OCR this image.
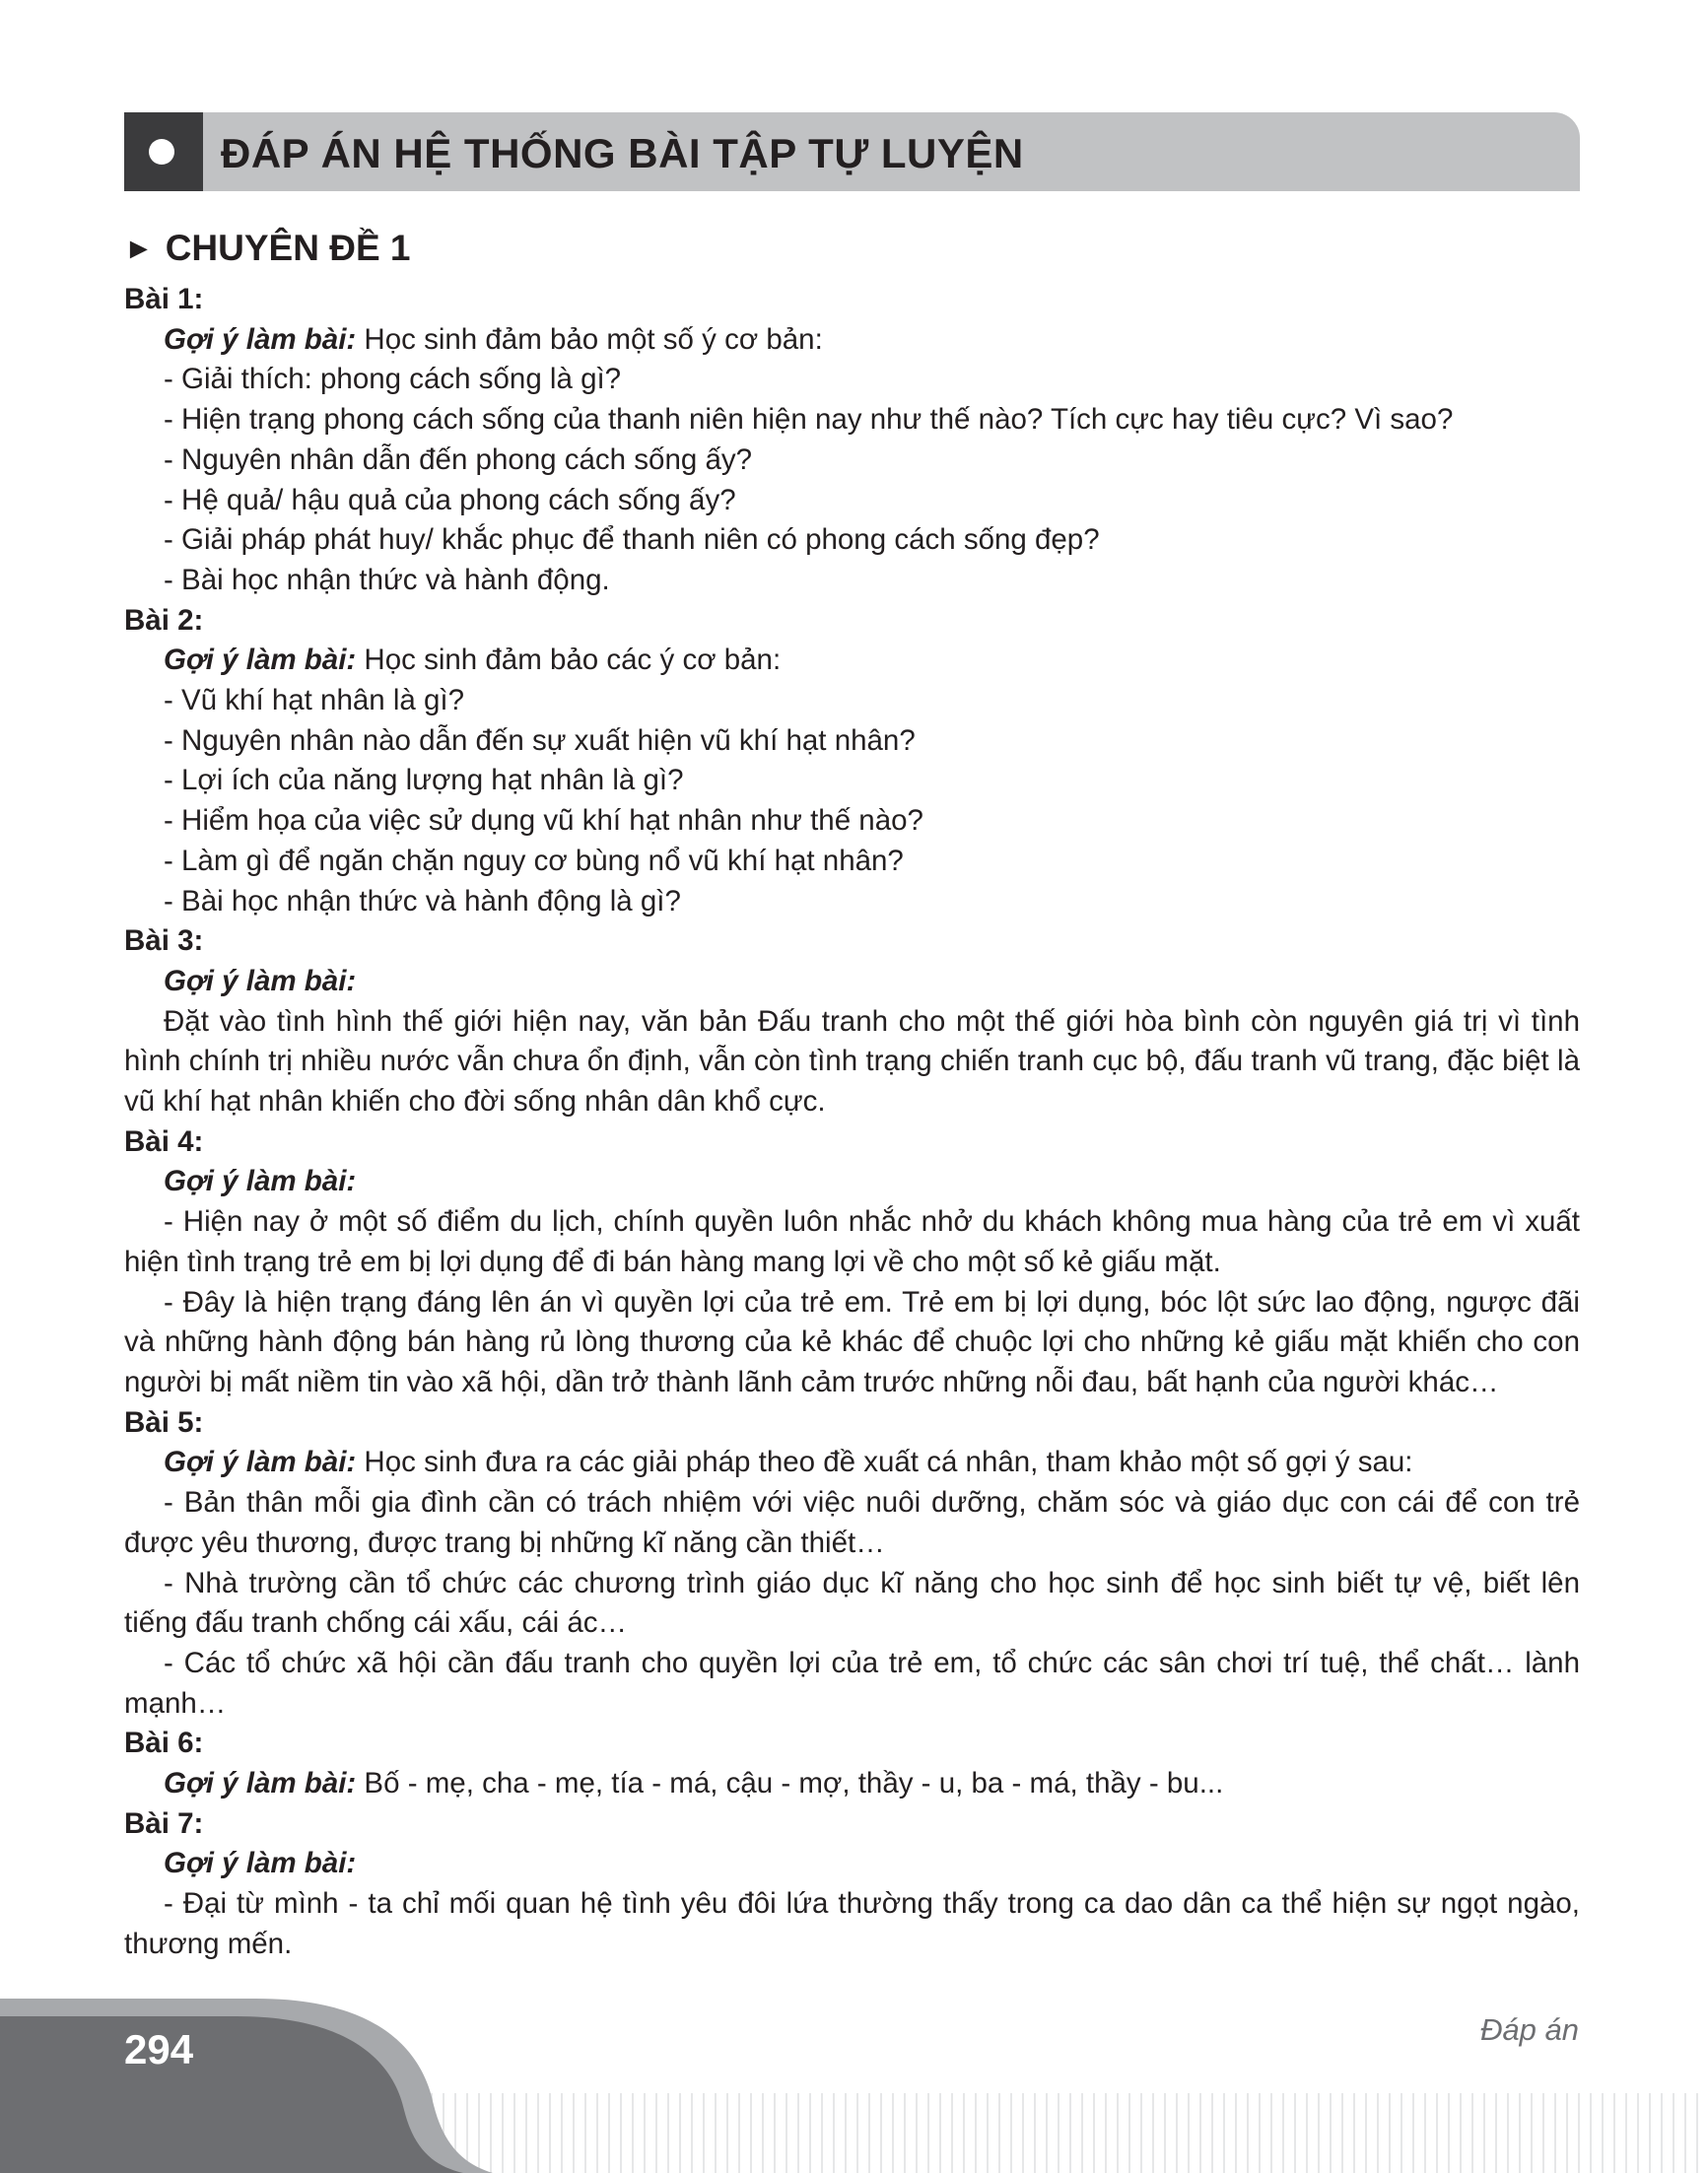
ĐÁP ÁN HỆ THỐNG BÀI TẬP TỰ LUYỆN
► CHUYÊN ĐỀ 1

Bài 1:

Gợi ý làm bài: Học sinh đảm bảo một số ý cơ bản:

- Giải thích: phong cách sống là gì?

- Hiện trạng phong cách sống của thanh niên hiện nay như thế nào? Tích cực hay tiêu cực? Vì sao?

- Nguyên nhân dẫn đến phong cách sống ấy?

- Hệ quả/ hậu quả của phong cách sống ấy?

- Giải pháp phát huy/ khắc phục để thanh niên có phong cách sống đẹp?

- Bài học nhận thức và hành động.

Bài 2:

Gợi ý làm bài: Học sinh đảm bảo các ý cơ bản:

- Vũ khí hạt nhân là gì?

- Nguyên nhân nào dẫn đến sự xuất hiện vũ khí hạt nhân?

- Lợi ích của năng lượng hạt nhân là gì?

- Hiểm họa của việc sử dụng vũ khí hạt nhân như thế nào?

- Làm gì để ngăn chặn nguy cơ bùng nổ vũ khí hạt nhân?

- Bài học nhận thức và hành động là gì?

Bài 3:

Gợi ý làm bài:

Đặt vào tình hình thế giới hiện nay, văn bản Đấu tranh cho một thế giới hòa bình còn nguyên giá trị vì tình hình chính trị nhiều nước vẫn chưa ổn định, vẫn còn tình trạng chiến tranh cục bộ, đấu tranh vũ trang, đặc biệt là vũ khí hạt nhân khiến cho đời sống nhân dân khổ cực.

Bài 4:

Gợi ý làm bài:

- Hiện nay ở một số điểm du lịch, chính quyền luôn nhắc nhở du khách không mua hàng của trẻ em vì xuất hiện tình trạng trẻ em bị lợi dụng để đi bán hàng mang lợi về cho một số kẻ giấu mặt.

- Đây là hiện trạng đáng lên án vì quyền lợi của trẻ em. Trẻ em bị lợi dụng, bóc lột sức lao động, ngược đãi và những hành động bán hàng rủ lòng thương của kẻ khác để chuộc lợi cho những kẻ giấu mặt khiến cho con người bị mất niềm tin vào xã hội, dần trở thành lãnh cảm trước những nỗi đau, bất hạnh của người khác…

Bài 5:

Gợi ý làm bài: Học sinh đưa ra các giải pháp theo đề xuất cá nhân, tham khảo một số gợi ý sau:

- Bản thân mỗi gia đình cần có trách nhiệm với việc nuôi dưỡng, chăm sóc và giáo dục con cái để con trẻ được yêu thương, được trang bị những kĩ năng cần thiết…

- Nhà trường cần tổ chức các chương trình giáo dục kĩ năng cho học sinh để học sinh biết tự vệ, biết lên tiếng đấu tranh chống cái xấu, cái ác…

- Các tổ chức xã hội cần đấu tranh cho quyền lợi của trẻ em, tổ chức các sân chơi trí tuệ, thể chất… lành mạnh…

Bài 6:

Gợi ý làm bài: Bố - mẹ, cha - mẹ, tía - má, cậu - mợ, thầy - u, ba - má, thầy - bu...

Bài 7:

Gợi ý làm bài:

- Đại từ mình - ta chỉ mối quan hệ tình yêu đôi lứa thường thấy trong ca dao dân ca thể hiện sự ngọt ngào, thương mến.

294	Đáp án
